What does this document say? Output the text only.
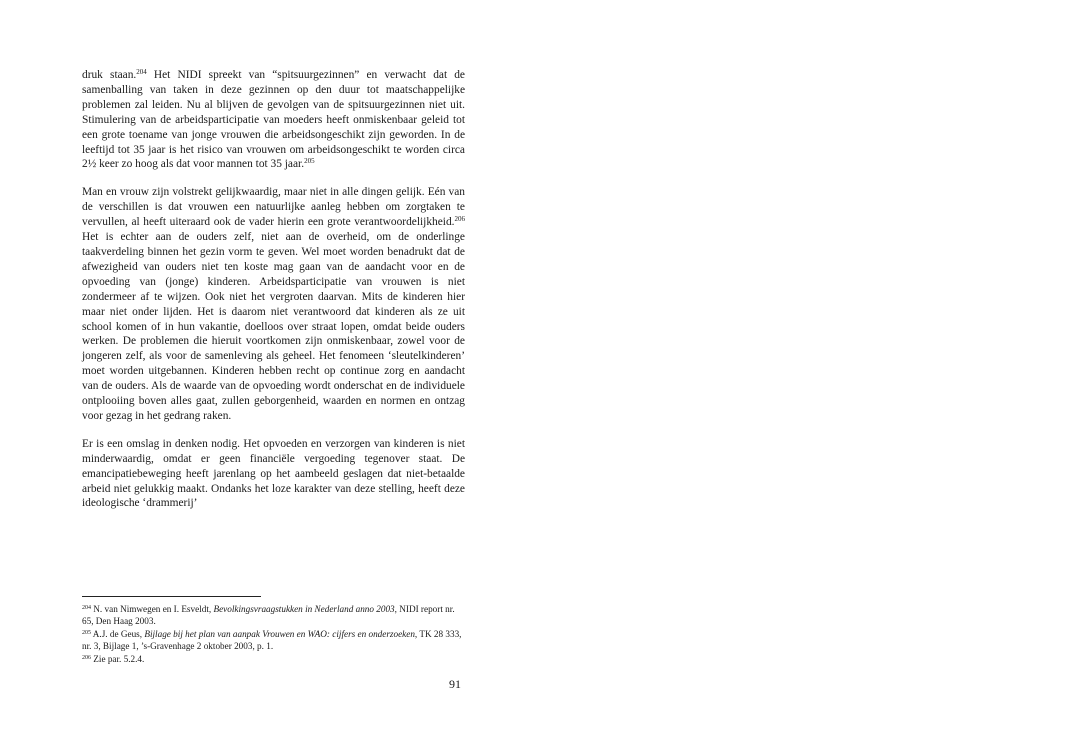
druk staan.$^{204}$ Het NIDI spreekt van “spitsuurgezinnen” en verwacht dat de samenballing van taken in deze gezinnen op den duur tot maatschappelijke problemen zal leiden. Nu al blijven de gevolgen van de spitsuurgezinnen niet uit. Stimulering van de arbeidsparticipatie van moeders heeft onmiskenbaar geleid tot een grote toename van jonge vrouwen die arbeidsongeschikt zijn geworden. In de leeftijd tot 35 jaar is het risico van vrouwen om arbeidsongeschikt te worden circa 2½ keer zo hoog als dat voor mannen tot 35 jaar.$^{205}$

Man en vrouw zijn volstrekt gelijkwaardig, maar niet in alle dingen gelijk. Eén van de verschillen is dat vrouwen een natuurlijke aanleg hebben om zorgtaken te vervullen, al heeft uiteraard ook de vader hierin een grote verantwoordelijkheid.$^{206}$ Het is echter aan de ouders zelf, niet aan de overheid, om de onderlinge taakverdeling binnen het gezin vorm te geven. Wel moet worden benadrukt dat de afwezigheid van ouders niet ten koste mag gaan van de aandacht voor en de opvoeding van (jonge) kinderen. Arbeidsparticipatie van vrouwen is niet zondermeer af te wijzen. Ook niet het vergroten daarvan. Mits de kinderen hier maar niet onder lijden. Het is daarom niet verantwoord dat kinderen als ze uit school komen of in hun vakantie, doelloos over straat lopen, omdat beide ouders werken. De problemen die hieruit voortkomen zijn onmiskenbaar, zowel voor de jongeren zelf, als voor de samenleving als geheel. Het fenomeen ‘sleutelkinderen’ moet worden uitgebannen. Kinderen hebben recht op continue zorg en aandacht van de ouders. Als de waarde van de opvoeding wordt onderschat en de individuele ontplooiing boven alles gaat, zullen geborgenheid, waarden en normen en ontzag voor gezag in het gedrang raken.

Er is een omslag in denken nodig. Het opvoeden en verzorgen van kinderen is niet minderwaardig, omdat er geen financiële vergoeding tegenover staat. De emancipatiebeweging heeft jarenlang op het aambeeld geslagen dat niet-betaalde arbeid niet gelukkig maakt. Ondanks het loze karakter van deze stelling, heeft deze ideologische ‘drammerij’

$^{204}$ N. van Nimwegen en I. Esveldt, Bevolkingsvraagstukken in Nederland anno 2003, NIDI report nr. 65, Den Haag 2003.

$^{205}$ A.J. de Geus, Bijlage bij het plan van aanpak Vrouwen en WAO: cijfers en onderzoeken, TK 28 333, nr. 3, Bijlage 1, ’s-Gravenhage 2 oktober 2003, p. 1.

$^{206}$ Zie par. 5.2.4.

91
